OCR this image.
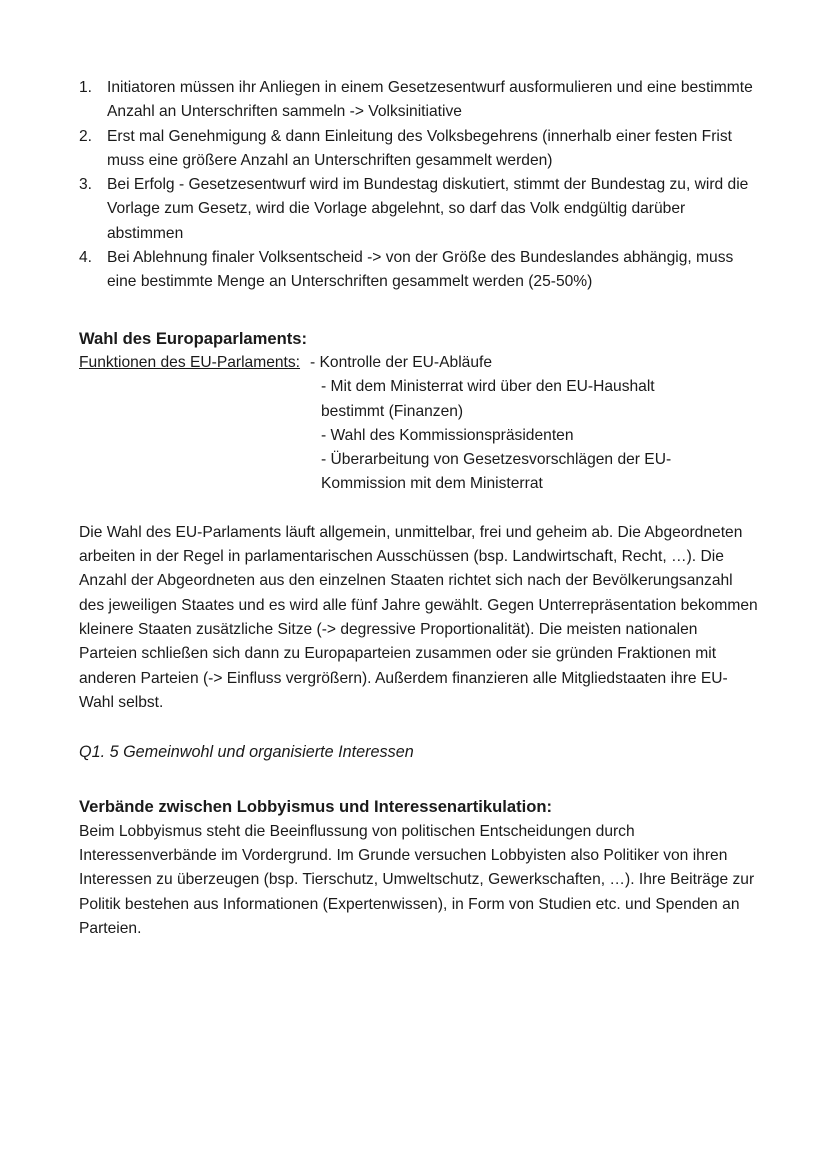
1. Initiatoren müssen ihr Anliegen in einem Gesetzesentwurf ausformulieren und eine bestimmte Anzahl an Unterschriften sammeln -> Volksinitiative
2. Erst mal Genehmigung & dann Einleitung des Volksbegehrens (innerhalb einer festen Frist muss eine größere Anzahl an Unterschriften gesammelt werden)
3. Bei Erfolg - Gesetzesentwurf wird im Bundestag diskutiert, stimmt der Bundestag zu, wird die Vorlage zum Gesetz, wird die Vorlage abgelehnt, so darf das Volk endgültig darüber abstimmen
4. Bei Ablehnung finaler Volksentscheid -> von der Größe des Bundeslandes abhängig, muss eine bestimmte Menge an Unterschriften gesammelt werden (25-50%)
Wahl des Europaparlaments:
Funktionen des EU-Parlaments: - Kontrolle der EU-Abläufe
- Mit dem Ministerrat wird über den EU-Haushalt bestimmt (Finanzen)
- Wahl des Kommissionspräsidenten
- Überarbeitung von Gesetzesvorschlägen der EU-Kommission mit dem Ministerrat

Die Wahl des EU-Parlaments läuft allgemein, unmittelbar, frei und geheim ab. Die Abgeordneten arbeiten in der Regel in parlamentarischen Ausschüssen (bsp. Landwirtschaft, Recht, …). Die Anzahl der Abgeordneten aus den einzelnen Staaten richtet sich nach der Bevölkerungsanzahl des jeweiligen Staates und es wird alle fünf Jahre gewählt. Gegen Unterrepräsentation bekommen kleinere Staaten zusätzliche Sitze (-> degressive Proportionalität). Die meisten nationalen Parteien schließen sich dann zu Europaparteien zusammen oder sie gründen Fraktionen mit anderen Parteien (-> Einfluss vergrößern). Außerdem finanzieren alle Mitgliedstaaten ihre EU-Wahl selbst.

Q1. 5 Gemeinwohl und organisierte Interessen

Verbände zwischen Lobbyismus und Interessenartikulation:

Beim Lobbyismus steht die Beeinflussung von politischen Entscheidungen durch Interessenverbände im Vordergrund. Im Grunde versuchen Lobbyisten also Politiker von ihren Interessen zu überzeugen (bsp. Tierschutz, Umweltschutz, Gewerkschaften, …). Ihre Beiträge zur Politik bestehen aus Informationen (Expertenwissen), in Form von Studien etc. und Spenden an Parteien.
